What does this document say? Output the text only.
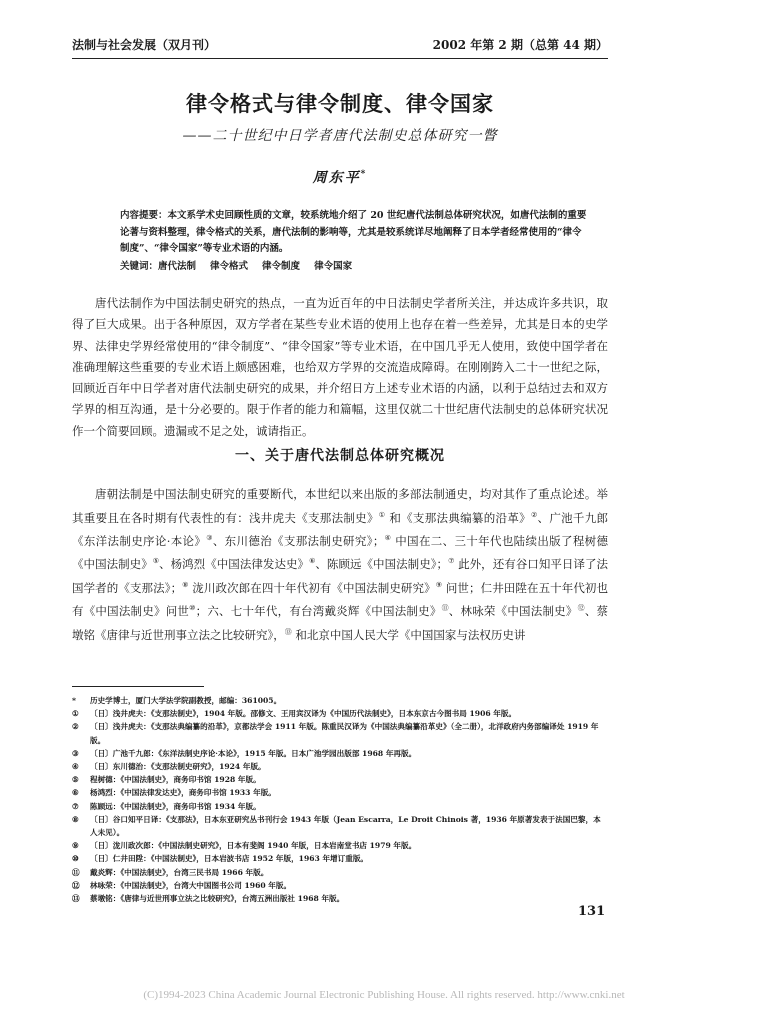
法制与社会发展（双月刊）	2002 年第 2 期（总第 44 期）
律令格式与律令制度、律令国家

——二十世纪中日学者唐代法制史总体研究一瞥

周东平*
内容提要：本文系学术史回顾性质的文章，较系统地介绍了 20 世纪唐代法制总体研究状况，如唐代法制的重要论著与资料整理，律令格式的关系，唐代法制的影响等，尤其是较系统详尽地阐释了日本学者经常使用的“律令制度”、“律令国家”等专业术语的内涵。
关键词：唐代法制 律令格式 律令制度 律令国家

唐代法制作为中国法制史研究的热点，一直为近百年的中日法制史学者所关注，并达成许多共识，取得了巨大成果。出于各种原因，双方学者在某些专业术语的使用上也存在着一些差异，尤其是日本的史学界、法律史学界经常使用的“律令制度”、“律令国家”等专业术语，在中国几乎无人使用，致使中国学者在准确理解这些重要的专业术语上颇感困难，也给双方学界的交流造成障碍。在刚刚跨入二十一世纪之际，回顾近百年中日学者对唐代法制史研究的成果，并介绍日方上述专业术语的内涵，以利于总结过去和双方学界的相互沟通，是十分必要的。限于作者的能力和篇幅，这里仅就二十世纪唐代法制史的总体研究状况作一个简要回顾。遗漏或不足之处，诚请指正。

一、关于唐代法制总体研究概况

唐朝法制是中国法制史研究的重要断代，本世纪以来出版的多部法制通史，均对其作了重点论述。举其重要且在各时期有代表性的有：浅井虎夫《支那法制史》① 和《支那法典编纂的沿革》②、广池千九郎《东洋法制史序论·本论》③、东川德治《支那法制史研究》；④ 中国在二、三十年代也陆续出版了程树德《中国法制史》⑤、杨鸿烈《中国法律发达史》⑥、陈顾远《中国法制史》；⑦ 此外，还有谷口知平日译了法国学者的《支那法》；⑧ 泷川政次郎在四十年代初有《中国法制史研究》⑨ 问世；仁井田陞在五十年代初也有《中国法制史》问世⑩；六、七十年代，有台湾戴炎辉《中国法制史》⑪、林咏荣《中国法制史》⑫、蔡墩铭《唐律与近世刑事立法之比较研究》，⑬ 和北京中国人民大学《中国国家与法权历史讲

*	历史学博士，厦门大学法学院副教授，邮编：361005。
①	〔日〕浅井虎夫：《支那法制史》，1904 年版。邵修文、王用宾汉译为《中国历代法制史》，日本东京古今图书局 1906 年版。
②	〔日〕浅井虎夫：《支那法典编纂的沿革》，京都法学会 1911 年版。陈重民汉译为《中国法典编纂沿革史》（全二册），北洋政府内务部编译处 1919 年版。
③	〔日〕广池千九郎：《东洋法制史序论·本论》，1915 年版。日本广池学园出版部 1968 年再版。
④	〔日〕东川德治：《支那法制史研究》，1924 年版。
⑤	程树德：《中国法制史》，商务印书馆 1928 年版。
⑥	杨鸿烈：《中国法律发达史》，商务印书馆 1933 年版。
⑦	陈顾远：《中国法制史》，商务印书馆 1934 年版。
⑧	〔日〕谷口知平日译：《支那法》，日本东亚研究丛书刊行会 1943 年版（Jean Escarra，Le Droit Chinois 著，1936 年原著发表于法国巴黎，本人未见）。
⑨	〔日〕泷川政次郎：《中国法制史研究》，日本有斐阁 1940 年版，日本岩南堂书店 1979 年版。
⑩	〔日〕仁井田陞：《中国法制史》，日本岩波书店 1952 年版，1963 年增订重版。
⑪	戴炎辉：《中国法制史》，台湾三民书局 1966 年版。
⑫	林咏荣：《中国法制史》，台湾大中国图书公司 1960 年版。
⑬	蔡墩铭：《唐律与近世刑事立法之比较研究》，台湾五洲出版社 1968 年版。
131
(C)1994-2023 China Academic Journal Electronic Publishing House. All rights reserved. http://www.cnki.net
